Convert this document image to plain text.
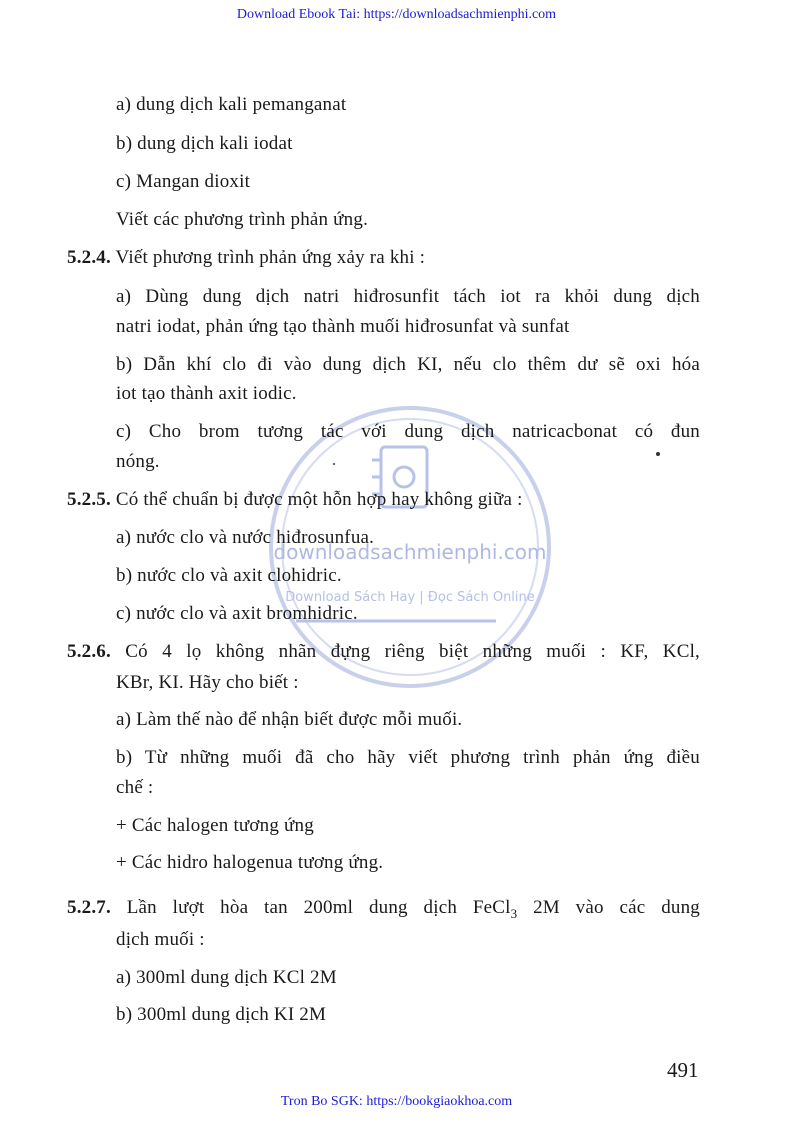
Download Ebook Tai: https://downloadsachmienphi.com
downloadsachmienphi.com
Download Sách Hay | Đọc Sách Online
a) dung dịch kali pemanganat
b) dung dịch kali iodat
c) Mangan dioxit
Viết các phương trình phản ứng.
5.2.4. Viết phương trình phản ứng xảy ra khi :
a) Dùng dung dịch natri hiđrosunfit tách iot ra khỏi dung dịch
natri iodat, phản ứng tạo thành muối hiđrosunfat và sunfat
b) Dẫn khí clo đi vào dung dịch KI, nếu clo thêm dư sẽ oxi hóa
iot tạo thành axit iodic.
c) Cho brom tương tác với dung dịch natricacbonat có đun
nóng.
5.2.5. Có thể chuẩn bị được một hỗn hợp hay không giữa :
a) nước clo và nước hiđrosunfua.
b) nước clo và axit clohidric.
c) nước clo và axit bromhidric.
5.2.6. Có 4 lọ không nhãn đựng riêng biệt những muối : KF, KCl,
KBr, KI. Hãy cho biết :
a) Làm thế nào để nhận biết được mỗi muối.
b) Từ những muối đã cho hãy viết phương trình phản ứng điều
chế :
+ Các halogen tương ứng
+ Các hidro halogenua tương ứng.
5.2.7. Lần lượt hòa tan 200ml dung dịch FeCl$_3$ 2M vào các dung
dịch muối :
a) 300ml dung dịch KCl 2M
b) 300ml dung dịch KI 2M
491
Tron Bo SGK: https://bookgiaokhoa.com
